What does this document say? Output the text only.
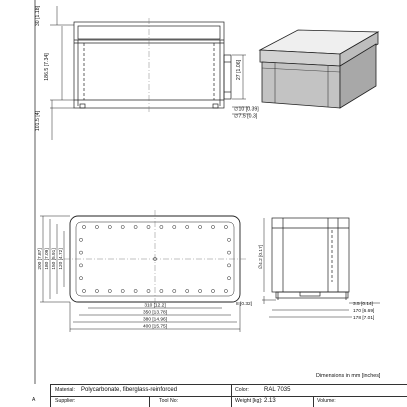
30 [1.18]
186.5 [7.34]
101.5 [4]
27 [1.06]
∅10 [0.39]
∅7.5 [0.3]
200 [7.87] 180 [7.09] 150 [5.91] 120 [4.72]
310 [12.2]
350 [13.78]
380 [14.96]
400 [15.75]
∅4.2 [0.17]
8 [0.32]	3.5 [0.14]
170 [6.69]
178 [7.01]
Dimensions in mm [inches]
Material: Polycarbonate, fiberglass-reinforced	Color:	RAL 7035
Supplier:	Tool No:	Weight [kg]: 2.13	Volume:
A
